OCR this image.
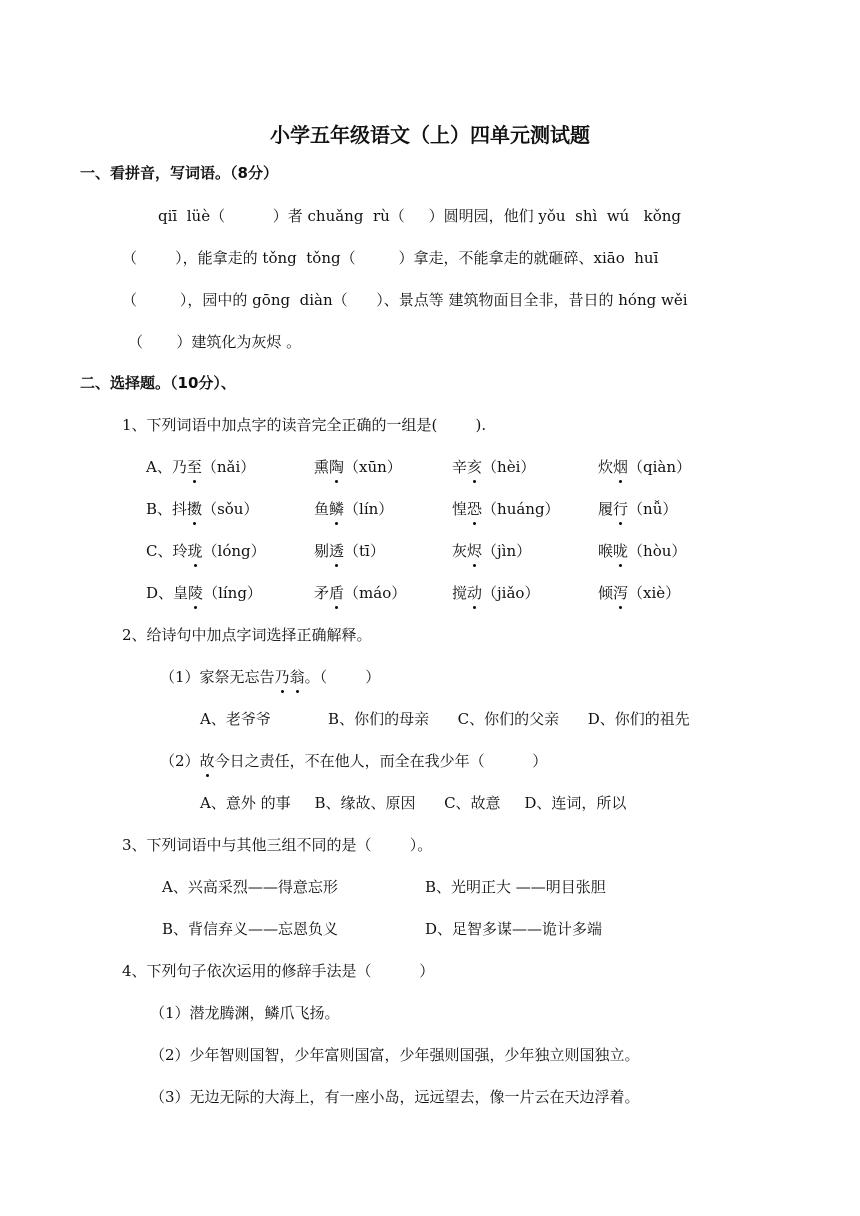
小学五年级语文（上）四单元测试题
一、看拼音，写词语。（8分）
qiī  lüè（          ）者 chuǎng  rù（     ）圆明园，他们 yǒu  shì  wú   kǒng
（        ），能拿走的 tǒng  tǒng（         ）拿走，不能拿走的就砸碎、xiāo  huī
（         ），园中的 gōng  diàn（      ）、景点等 建筑物面目全非，昔日的 hóng wěi
（       ）建筑化为灰烬 。
二、选择题。（10分）、
1、下列词语中加点字的读音完全正确的一组是(        ).
A、乃至（nǎi）	熏陶（xūn）	辛亥（hèi）	炊烟（qiàn）
B、抖擞（sǒu）	鱼鳞（lín）	惶恐（huáng）	履行（nǚ）
C、玲珑（lóng）	剔透（tī）	灰烬（jìn）	喉咙（hòu）
D、皇陵（líng）	矛盾（máo）	搅动（jiǎo）	倾泻（xiè）
2、给诗句中加点字词选择正确解释。
（1）家祭无忘告乃翁。（        ）
A、老爷爷            B、你们的母亲      C、你们的父亲      D、你们的祖先
（2）故今日之责任，不在他人，而全在我少年（          ）
A、意外 的事     B、缘故、原因      C、故意     D、连词，所以
3、下列词语中与其他三组不同的是（        ）。
A、兴高采烈——得意忘形	B、光明正大 ——明目张胆
B、背信弃义——忘恩负义	D、足智多谋——诡计多端
4、下列句子依次运用的修辞手法是（          ）
（1）潜龙腾渊，鳞爪飞扬。
（2）少年智则国智，少年富则国富，少年强则国强，少年独立则国独立。
（3）无边无际的大海上，有一座小岛，远远望去，像一片云在天边浮着。
